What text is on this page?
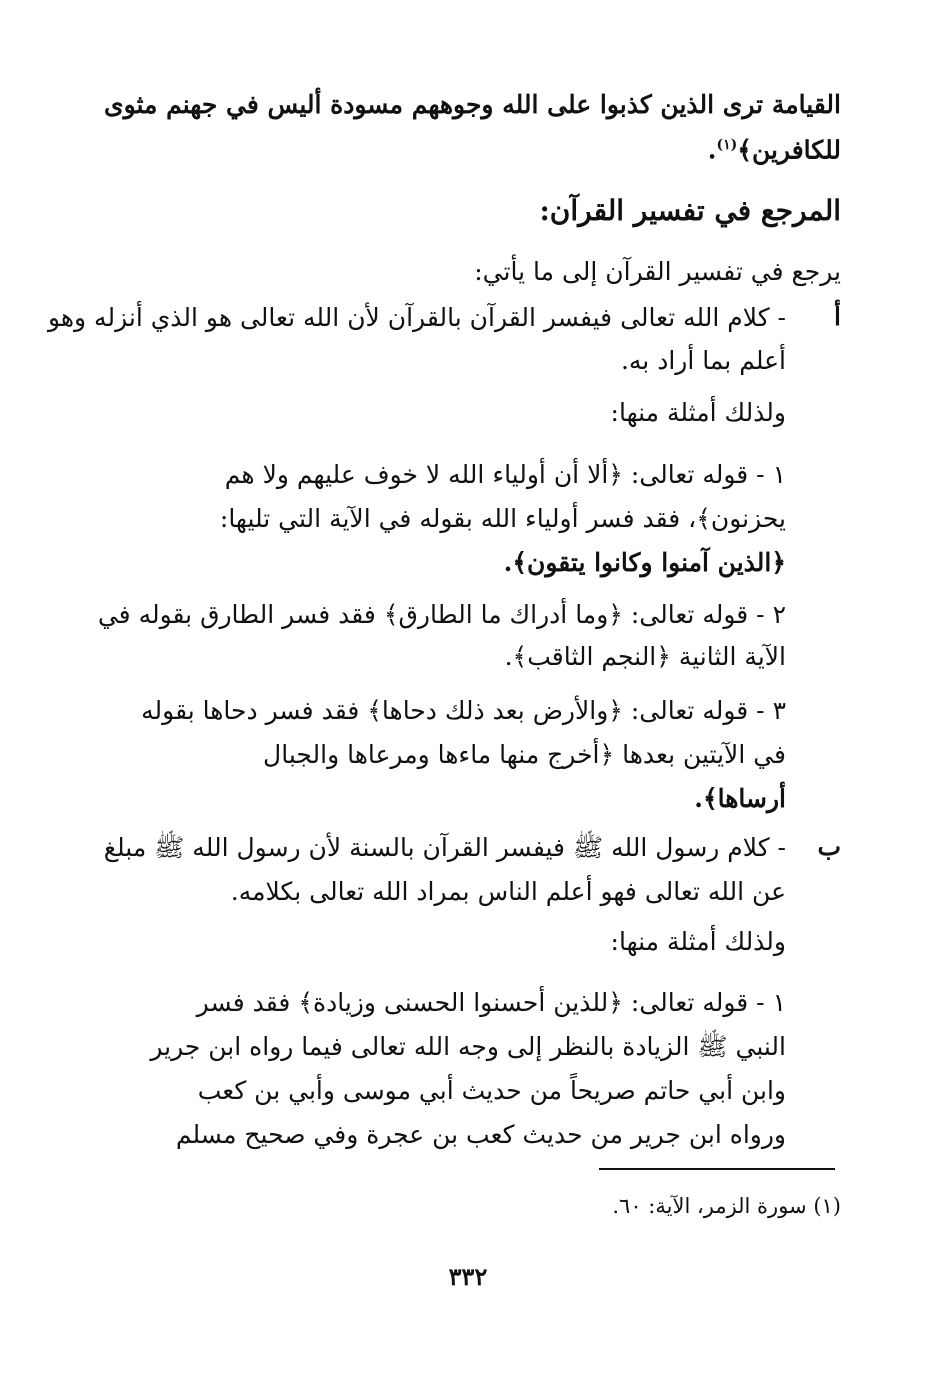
القيامة ترى الذين كذبوا على الله وجوههم مسودة أليس في جهنم مثوى
للكافرين﴾$^{(١)}$.
المرجع في تفسير القرآن:
يرجع في تفسير القرآن إلى ما يأتي:
أ
- كلام الله تعالى فيفسر القرآن بالقرآن لأن الله تعالى هو الذي أنزله وهو
أعلم بما أراد به.
ولذلك أمثلة منها:
١ - قوله تعالى: ﴿ألا أن أولياء الله لا خوف عليهم ولا هم
يحزنون﴾، فقد فسر أولياء الله بقوله في الآية التي تليها:
﴿الذين آمنوا وكانوا يتقون﴾.
٢ - قوله تعالى: ﴿وما أدراك ما الطارق﴾ فقد فسر الطارق بقوله في
الآية الثانية ﴿النجم الثاقب﴾.
٣ - قوله تعالى: ﴿والأرض بعد ذلك دحاها﴾ فقد فسر دحاها بقوله
في الآيتين بعدها ﴿أخرج منها ماءها ومرعاها والجبال
أرساها﴾.
ب
- كلام رسول الله ﷺ فيفسر القرآن بالسنة لأن رسول الله ﷺ مبلغ
عن الله تعالى فهو أعلم الناس بمراد الله تعالى بكلامه.
ولذلك أمثلة منها:
١ - قوله تعالى: ﴿للذين أحسنوا الحسنى وزيادة﴾ فقد فسر
النبي ﷺ الزيادة بالنظر إلى وجه الله تعالى فيما رواه ابن جرير
وابن أبي حاتم صريحاً من حديث أبي موسى وأبي بن كعب
ورواه ابن جرير من حديث كعب بن عجرة وفي صحيح مسلم
(١) سورة الزمر، الآية: ٦٠.
٣٣٢
